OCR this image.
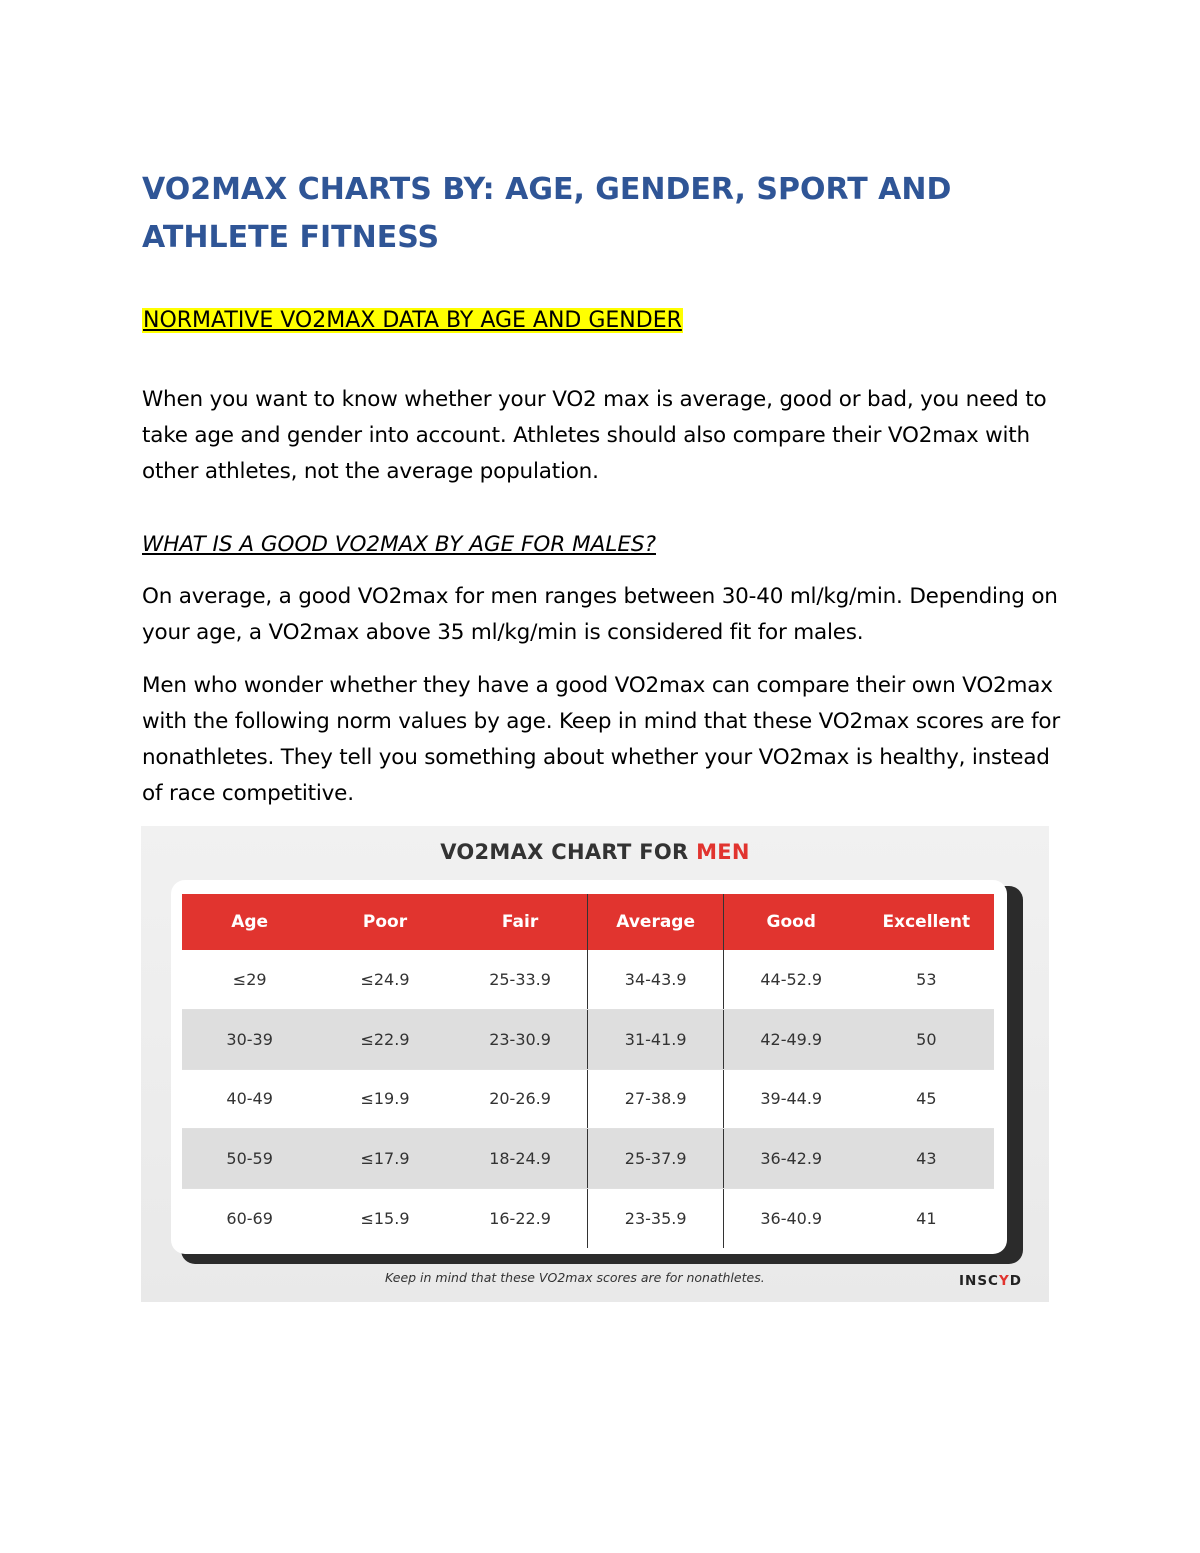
VO2MAX CHARTS BY: AGE, GENDER, SPORT AND ATHLETE FITNESS
NORMATIVE VO2MAX DATA BY AGE AND GENDER

When you want to know whether your VO2 max is average, good or bad, you need to take age and gender into account. Athletes should also compare their VO2max with other athletes, not the average population.

WHAT IS A GOOD VO2MAX BY AGE FOR MALES?

On average, a good VO2max for men ranges between 30-40 ml/kg/min. Depending on your age, a VO2max above 35 ml/kg/min is considered fit for males.

Men who wonder whether they have a good VO2max can compare their own VO2max with the following norm values by age. Keep in mind that these VO2max scores are for nonathletes. They tell you something about whether your VO2max is healthy, instead of race competitive.

VO2MAX CHART FOR MEN
Age	Poor	Fair	Average	Good	Excellent
≤29	≤24.9	25-33.9	34-43.9	44-52.9	53
30-39	≤22.9	23-30.9	31-41.9	42-49.9	50
40-49	≤19.9	20-26.9	27-38.9	39-44.9	45
50-59	≤17.9	18-24.9	25-37.9	36-42.9	43
60-69	≤15.9	16-22.9	23-35.9	36-40.9	41
Keep in mind that these VO2max scores are for nonathletes.	INSCYD
